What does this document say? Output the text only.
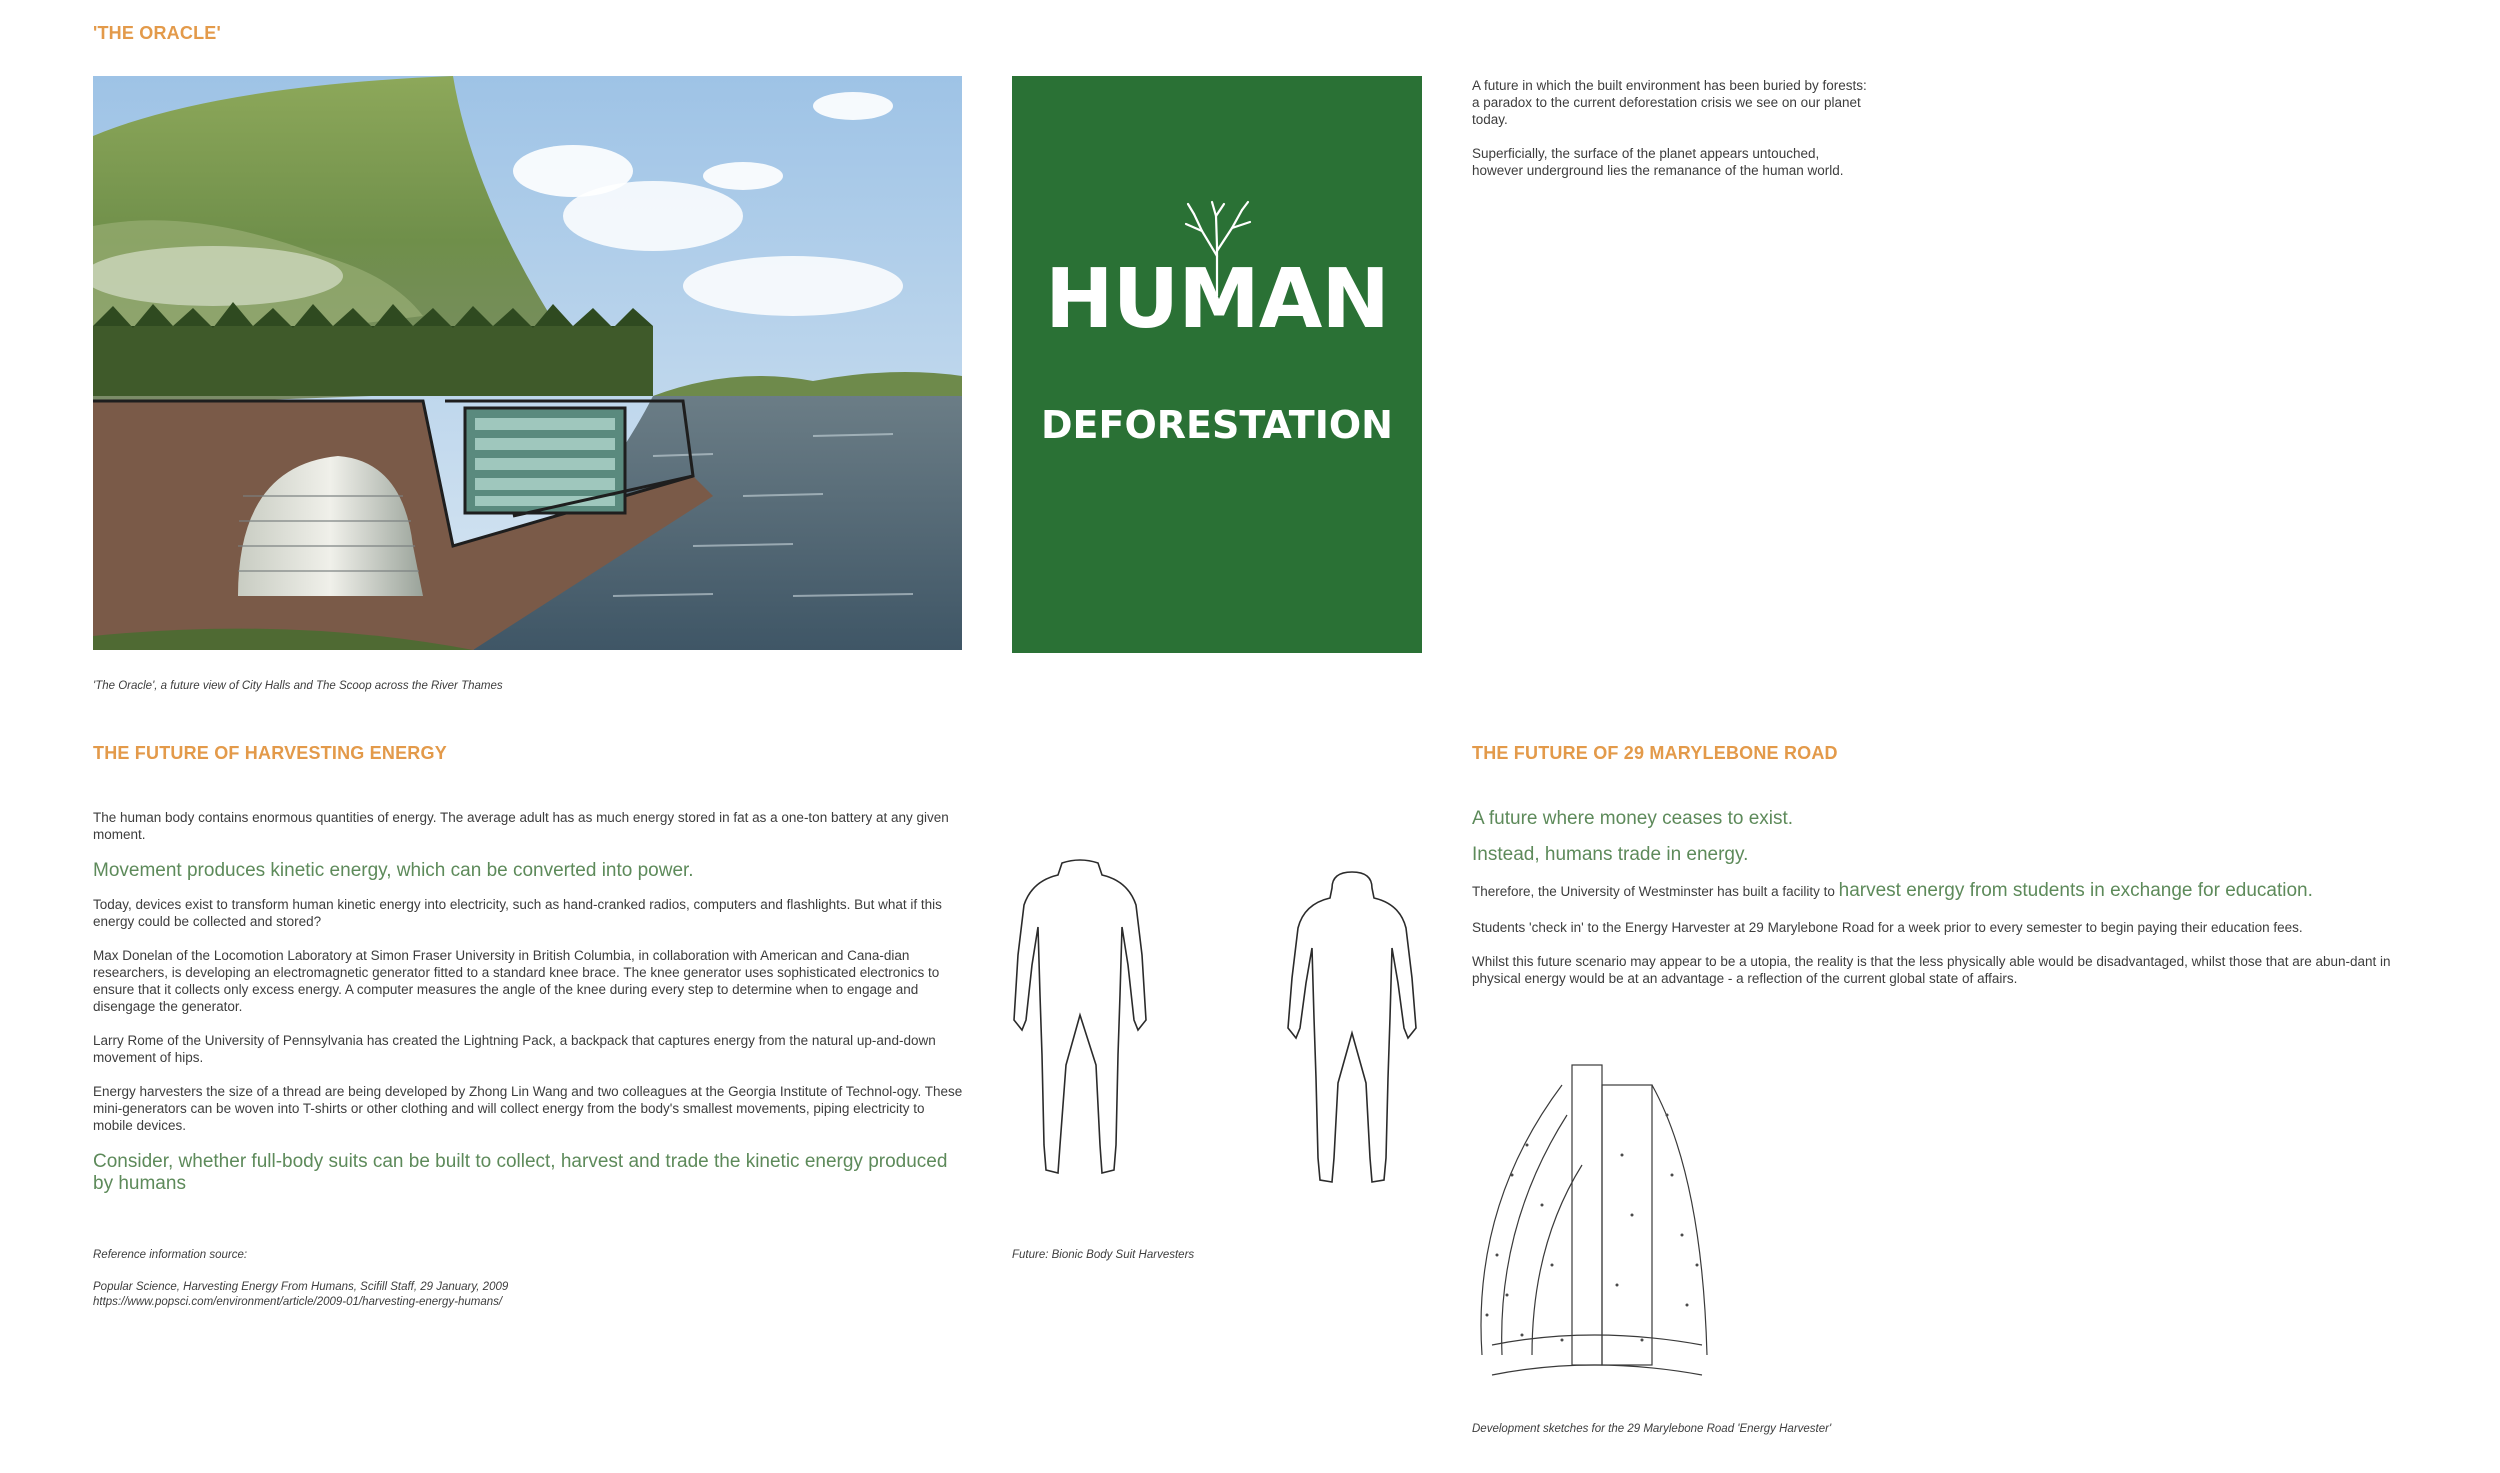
'THE ORACLE'
'The Oracle', a future view of City Halls and The Scoop across the River Thames
HUMAN
DEFORESTATION

A future in which the built environment has been buried by forests: a paradox to the current deforestation crisis we see on our planet today.

Superficially, the surface of the planet appears untouched, however underground lies the remanance of the human world.

THE FUTURE OF HARVESTING ENERGY

The human body contains enormous quantities of energy. The average adult has as much energy stored in fat as a one-ton battery at any given moment.

Movement produces kinetic energy, which can be converted into power.

Today, devices exist to transform human kinetic energy into electricity, such as hand-cranked radios, computers and flashlights. But what if this energy could be collected and stored?

Max Donelan of the Locomotion Laboratory at Simon Fraser University in British Columbia, in collaboration with American and Cana-dian researchers, is developing an electromagnetic generator fitted to a standard knee brace. The knee generator uses sophisticated electronics to ensure that it collects only excess energy. A computer measures the angle of the knee during every step to determine when to engage and disengage the generator.

Larry Rome of the University of Pennsylvania has created the Lightning Pack, a backpack that captures energy from the natural up-and-down movement of hips.

Energy harvesters the size of a thread are being developed by Zhong Lin Wang and two colleagues at the Georgia Institute of Technol-ogy. These mini-generators can be woven into T-shirts or other clothing and will collect energy from the body's smallest movements, piping electricity to mobile devices.

Consider, whether full-body suits can be built to collect, harvest and trade the kinetic energy produced by humans

Reference information source:
Popular Science, Harvesting Energy From Humans, Scifill Staff, 29 January, 2009
https://www.popsci.com/environment/article/2009-01/harvesting-energy-humans/
Future: Bionic Body Suit Harvesters
THE FUTURE OF 29 MARYLEBONE ROAD

A future where money ceases to exist.

Instead, humans trade in energy.

Therefore, the University of Westminster has built a facility to harvest energy from students in exchange for education.

Students 'check in' to the Energy Harvester at 29 Marylebone Road for a week prior to every semester to begin paying their education fees.

Whilst this future scenario may appear to be a utopia, the reality is that the less physically able would be disadvantaged, whilst those that are abun-dant in physical energy would be at an advantage - a reflection of the current global state of affairs.

Development sketches for the 29 Marylebone Road 'Energy Harvester'
